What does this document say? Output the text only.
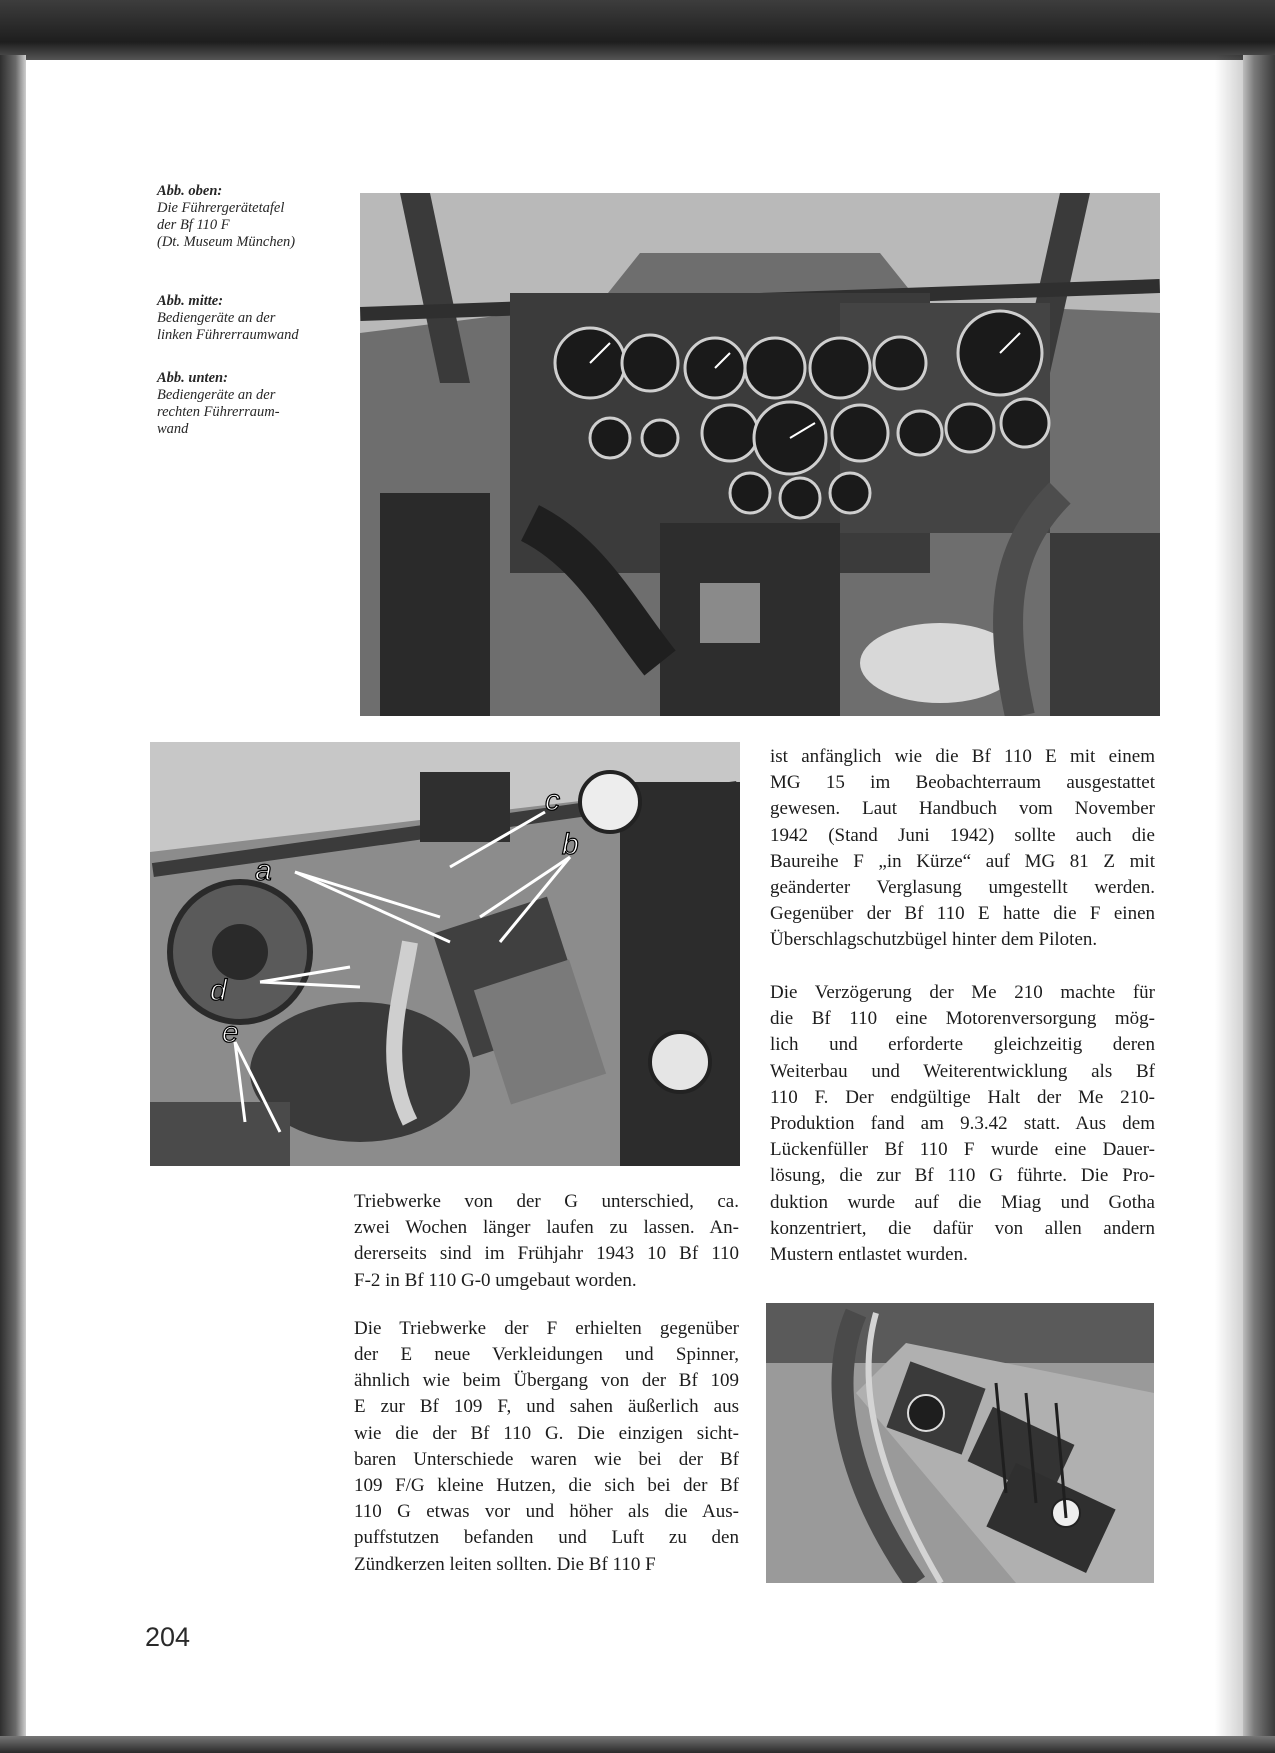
Abb. oben:
Die Führergerätetafel
der Bf 110 F
(Dt. Museum München)
Abb. mitte:
Bediengeräte an der
linken Führerraumwand
Abb. unten:
Bediengeräte an der
rechten Führerraum-
wand
a
b
c
d
e

ist anfänglich wie die Bf 110 E mit einem
MG 15 im Beobachterraum ausgestattet
gewesen. Laut Handbuch vom November
1942 (Stand Juni 1942) sollte auch die
Baureihe F „in Kürze“ auf MG 81 Z mit
geänderter Verglasung umgestellt werden.
Gegenüber der Bf 110 E hatte die F einen
Überschlagschutzbügel hinter dem Piloten.

Die Verzögerung der Me 210 machte für
die Bf 110 eine Motorenversorgung mög-
lich und erforderte gleichzeitig deren
Weiterbau und Weiterentwicklung als Bf
110 F. Der endgültige Halt der Me 210-
Produktion fand am 9.3.42 statt. Aus dem
Lückenfüller Bf 110 F wurde eine Dauer-
lösung, die zur Bf 110 G führte. Die Pro-
duktion wurde auf die Miag und Gotha
konzentriert, die dafür von allen andern
Mustern entlastet wurden.

Triebwerke von der G unterschied, ca.
zwei Wochen länger laufen zu lassen. An-
dererseits sind im Frühjahr 1943 10 Bf 110
F-2 in Bf 110 G-0 umgebaut worden.

Die Triebwerke der F erhielten gegenüber
der E neue Verkleidungen und Spinner,
ähnlich wie beim Übergang von der Bf 109
E zur Bf 109 F, und sahen äußerlich aus
wie die der Bf 110 G. Die einzigen sicht-
baren Unterschiede waren wie bei der Bf
109 F/G kleine Hutzen, die sich bei der Bf
110 G etwas vor und höher als die Aus-
puffstutzen befanden und Luft zu den
Zündkerzen leiten sollten. Die Bf 110 F

204
